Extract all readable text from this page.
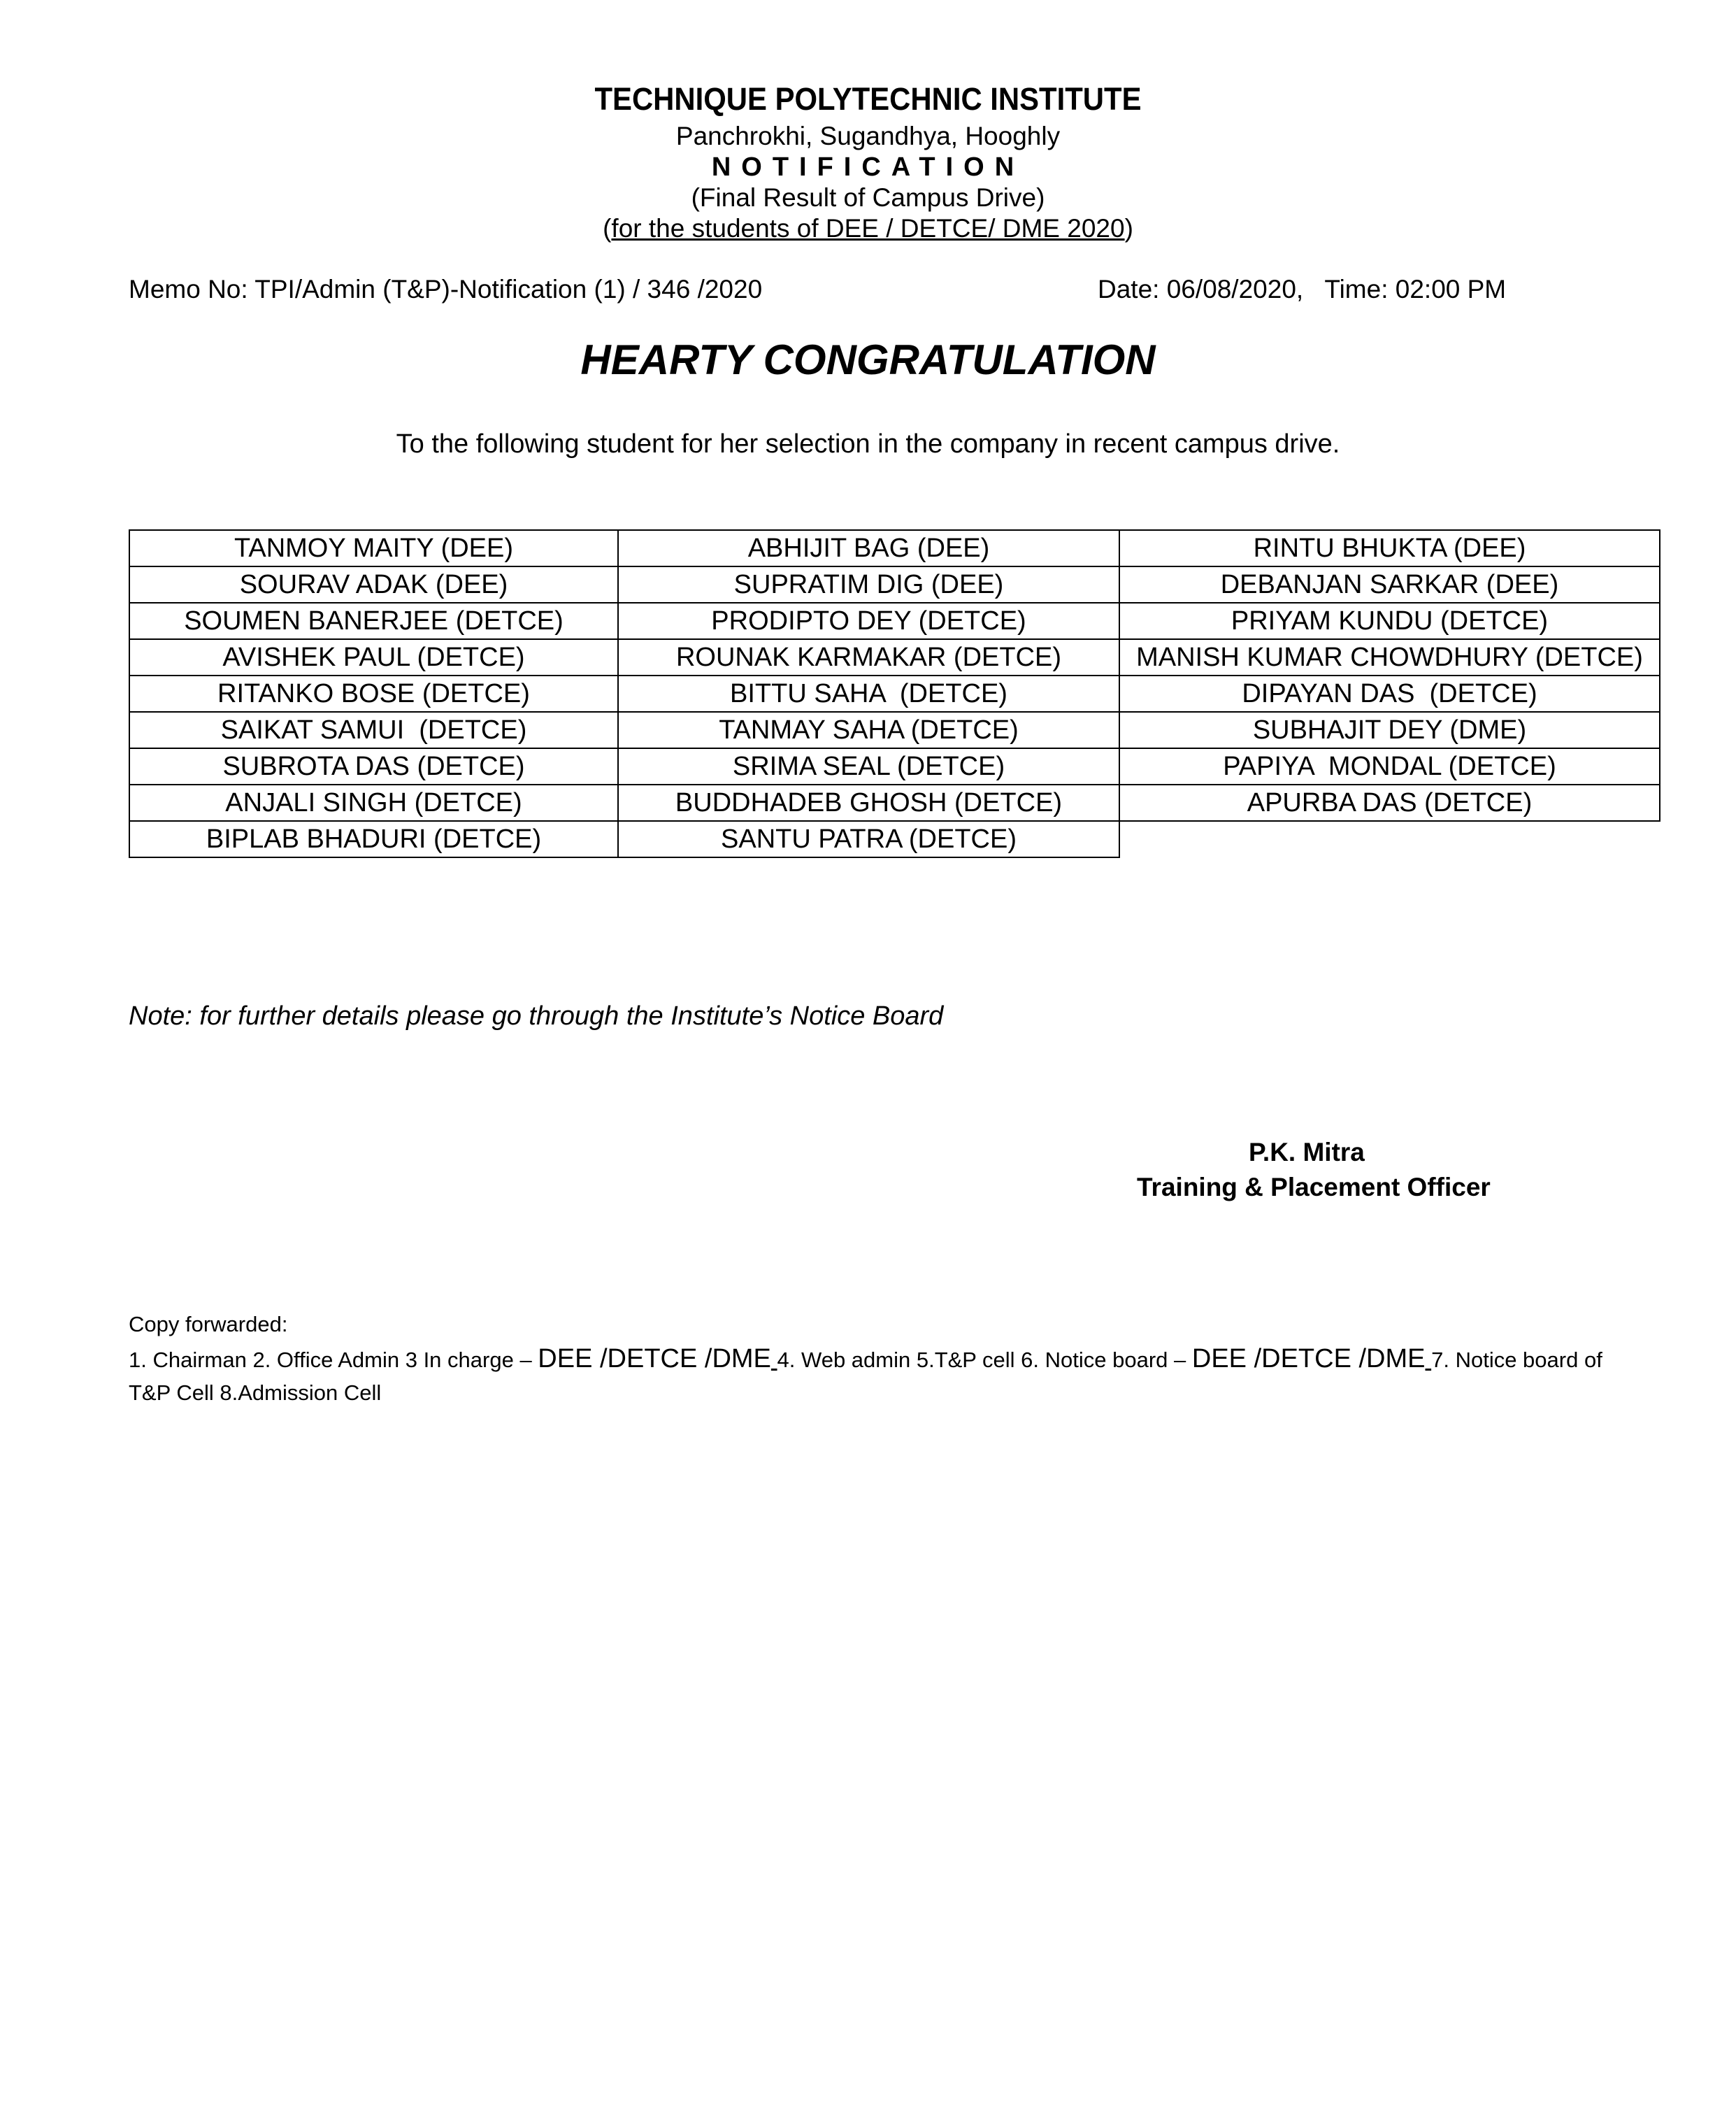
TECHNIQUE POLYTECHNIC INSTITUTE
Panchrokhi, Sugandhya, Hooghly
NOTIFICATION
(Final Result of Campus Drive)
(for the students of DEE / DETCE/ DME 2020)
Memo No: TPI/Admin (T&P)-Notification (1) / 346 /2020	Date: 06/08/2020,   Time: 02:00 PM
HEARTY CONGRATULATION
To the following student for her selection in the company in recent campus drive.
TANMOY MAITY (DEE)	ABHIJIT BAG (DEE)	RINTU BHUKTA (DEE)
SOURAV ADAK (DEE)	SUPRATIM DIG (DEE)	DEBANJAN SARKAR (DEE)
SOUMEN BANERJEE (DETCE)	PRODIPTO DEY (DETCE)	PRIYAM KUNDU (DETCE)
AVISHEK PAUL (DETCE)	ROUNAK KARMAKAR (DETCE)	MANISH KUMAR CHOWDHURY (DETCE)
RITANKO BOSE (DETCE)	BITTU SAHA  (DETCE)	DIPAYAN DAS  (DETCE)
SAIKAT SAMUI  (DETCE)	TANMAY SAHA (DETCE)	SUBHAJIT DEY (DME)
SUBROTA DAS (DETCE)	SRIMA SEAL (DETCE)	PAPIYA  MONDAL (DETCE)
ANJALI SINGH (DETCE)	BUDDHADEB GHOSH (DETCE)	APURBA DAS (DETCE)
BIPLAB BHADURI (DETCE)	SANTU PATRA (DETCE)	
Note: for further details please go through the Institute’s Notice Board
P.K. Mitra
Training & Placement Officer
Copy forwarded:
1. Chairman 2. Office Admin 3 In charge – DEE /DETCE /DME 4. Web admin 5.T&P cell 6. Notice board – DEE /DETCE /DME 7. Notice board of T&P Cell 8.Admission Cell
